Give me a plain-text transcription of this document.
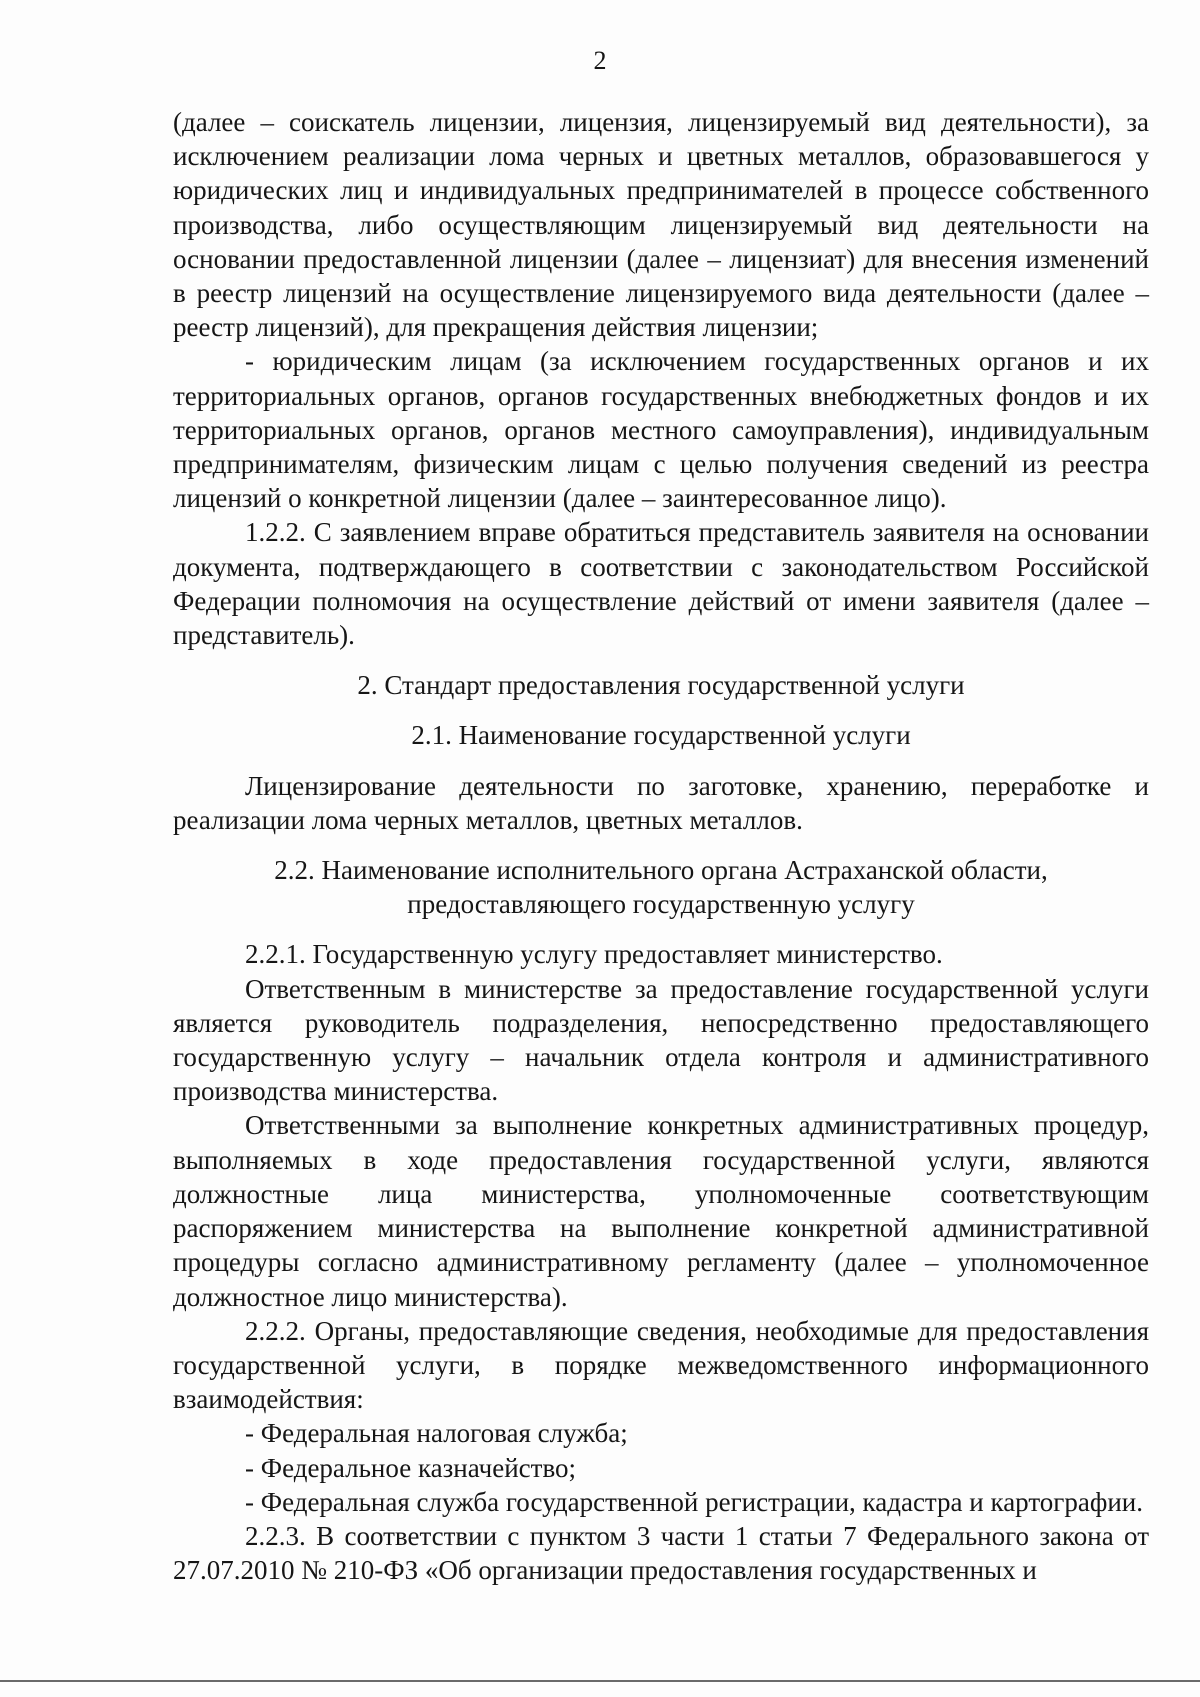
2

(далее – соискатель лицензии, лицензия, лицензируемый вид деятельности), за исключением реализации лома черных и цветных металлов, образовавшегося у юридических лиц и индивидуальных предпринимателей в процессе собственного производства, либо осуществляющим лицензируемый вид деятельности на основании предоставленной лицензии (далее – лицензиат) для внесения изменений в реестр лицензий на осуществление лицензируемого вида деятельности (далее – реестр лицензий), для прекращения действия лицензии;

- юридическим лицам (за исключением государственных органов и их территориальных органов, органов государственных внебюджетных фондов и их территориальных органов, органов местного самоуправления), индивидуальным предпринимателям, физическим лицам с целью получения сведений из реестра лицензий о конкретной лицензии (далее – заинтересованное лицо).

1.2.2. С заявлением вправе обратиться представитель заявителя на основании документа, подтверждающего в соответствии с законодательством Российской Федерации полномочия на осуществление действий от имени заявителя (далее – представитель).

2. Стандарт предоставления государственной услуги

2.1. Наименование государственной услуги

Лицензирование деятельности по заготовке, хранению, переработке и реализации лома черных металлов, цветных металлов.

2.2. Наименование исполнительного органа Астраханской области,

предоставляющего государственную услугу

2.2.1. Государственную услугу предоставляет министерство.

Ответственным в министерстве за предоставление государственной услуги является руководитель подразделения, непосредственно предоставляющего государственную услугу – начальник отдела контроля и административного производства министерства.

Ответственными за выполнение конкретных административных процедур, выполняемых в ходе предоставления государственной услуги, являются должностные лица министерства, уполномоченные соответствующим распоряжением министерства на выполнение конкретной административной процедуры согласно административному регламенту (далее – уполномоченное должностное лицо министерства).

2.2.2. Органы, предоставляющие сведения, необходимые для предоставления государственной услуги, в порядке межведомственного информационного взаимодействия:

- Федеральная налоговая служба;

- Федеральное казначейство;

- Федеральная служба государственной регистрации, кадастра и картографии.

2.2.3. В соответствии с пунктом 3 части 1 статьи 7 Федерального закона от 27.07.2010 № 210-ФЗ «Об организации предоставления государственных и
